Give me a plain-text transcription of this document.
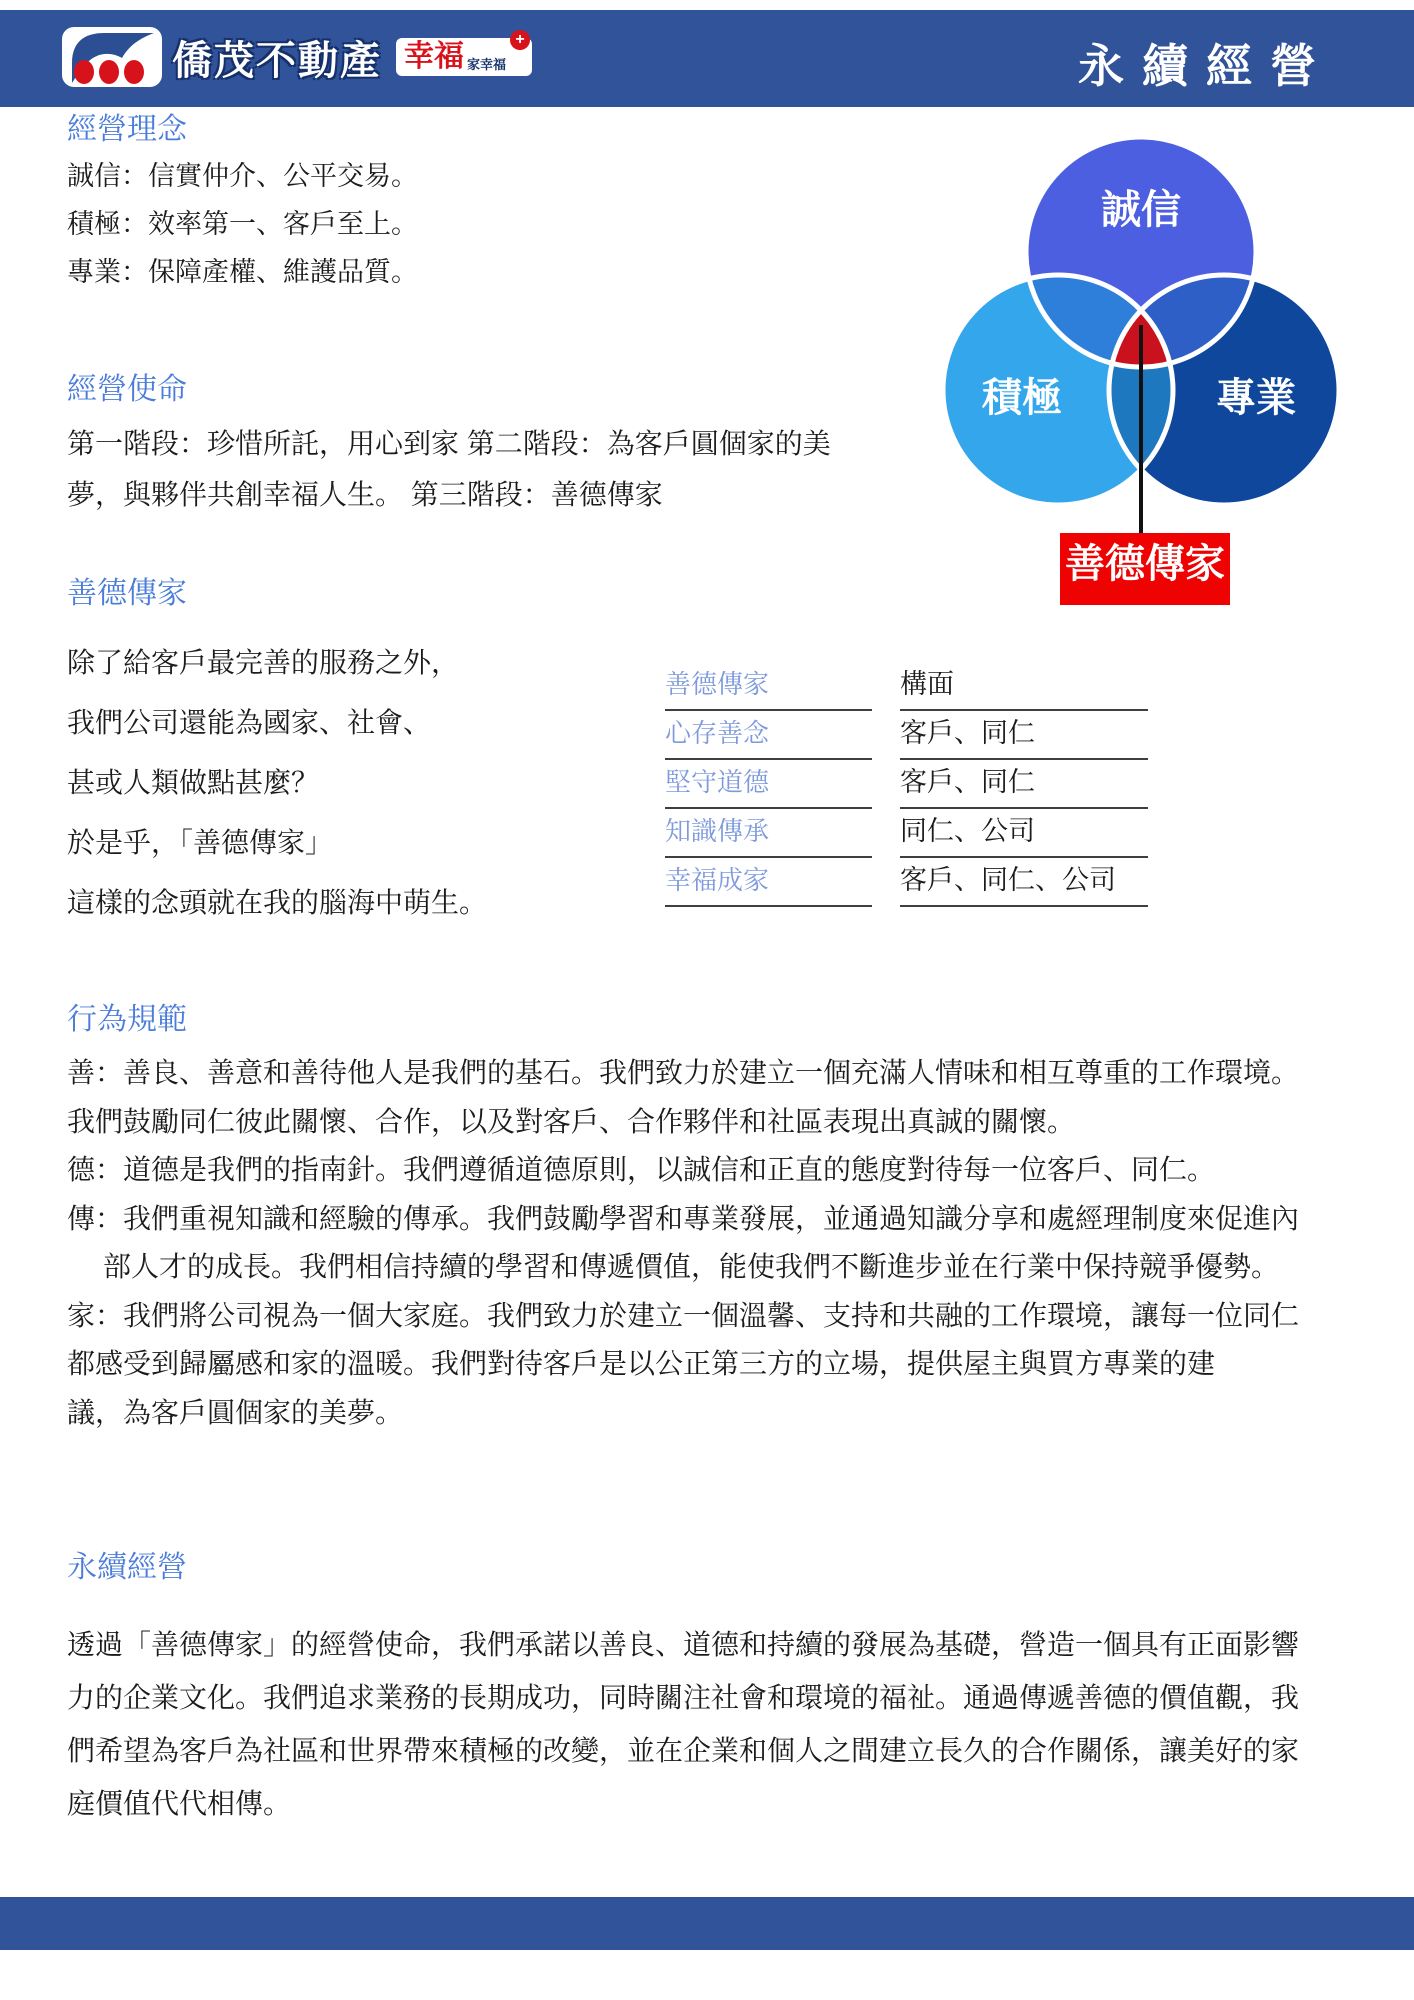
僑茂不動產 幸福
+
家幸福	永續經營
經營理念
誠信：信實仲介、公平交易。
積極：效率第一、客戶至上。
專業：保障產權、維護品質。
誠信
積極	專業
善德傳家
經營使命
第一階段：珍惜所託，用心到家 第二階段：為客戶圓個家的美
夢，與夥伴共創幸福人生。 第三階段：善德傳家
善德傳家
除了給客戶最完善的服務之外，
我們公司還能為國家、社會、
甚或人類做點甚麼？
於是乎，「善德傳家」
這樣的念頭就在我的腦海中萌生。
善德傳家	構面
心存善念	客戶、同仁
堅守道德	客戶、同仁
知識傳承	同仁、公司
幸福成家	客戶、同仁、公司
行為規範
善：善良、善意和善待他人是我們的基石。我們致力於建立一個充滿人情味和相互尊重的工作環境。
我們鼓勵同仁彼此關懷、合作，以及對客戶、合作夥伴和社區表現出真誠的關懷。
德：道德是我們的指南針。我們遵循道德原則，以誠信和正直的態度對待每一位客戶、同仁。
傳：我們重視知識和經驗的傳承。我們鼓勵學習和專業發展，並通過知識分享和處經理制度來促進內
部人才的成長。我們相信持續的學習和傳遞價值，能使我們不斷進步並在行業中保持競爭優勢。
家：我們將公司視為一個大家庭。我們致力於建立一個溫馨、支持和共融的工作環境，讓每一位同仁
都感受到歸屬感和家的溫暖。我們對待客戶是以公正第三方的立場，提供屋主與買方專業的建
議，為客戶圓個家的美夢。
永續經營
透過「善德傳家」的經營使命，我們承諾以善良、道德和持續的發展為基礎，營造一個具有正面影響
力的企業文化。我們追求業務的長期成功，同時關注社會和環境的福祉。通過傳遞善德的價值觀，我
們希望為客戶為社區和世界帶來積極的改變，並在企業和個人之間建立長久的合作關係，讓美好的家
庭價值代代相傳。
